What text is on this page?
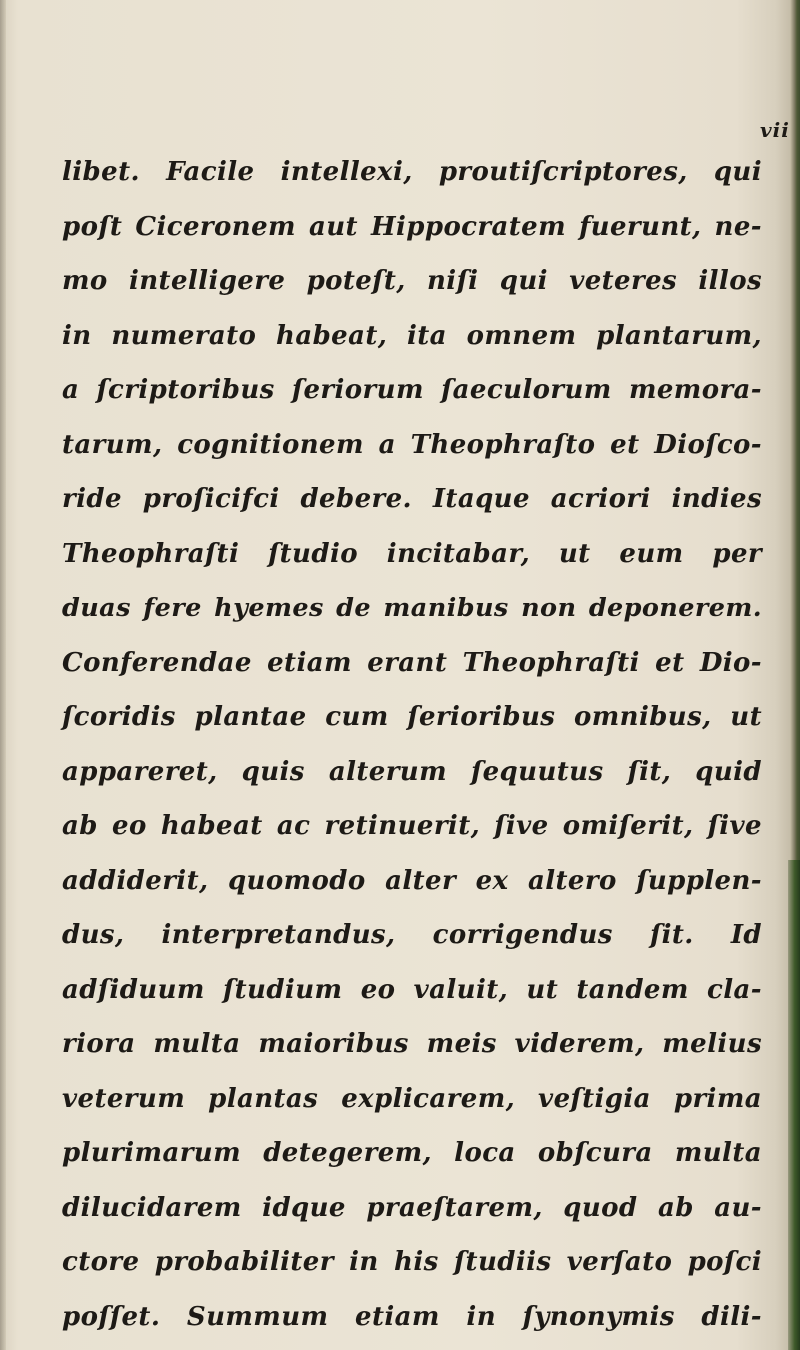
vii
libet. Facile intellexi, proutiſcriptores, qui
poſt Ciceronem aut Hippocratem fuerunt, ne-
mo intelligere poteſt, niſi qui veteres illos
in numerato habeat, ita omnem plantarum,
a ſcriptoribus ſeriorum ſaeculorum memora-
tarum, cognitionem a Theophraſto et Dioſco-
ride proſicifci debere. Itaque acriori indies
Theophraſti ſtudio incitabar, ut eum per
duas fere hyemes de manibus non deponerem.
Conferendae etiam erant Theophraſti et Dio-
ſcoridis plantae cum ſerioribus omnibus, ut
appareret, quis alterum ſequutus ſit, quid
ab eo habeat ac retinuerit, ſive omiſerit, ſive
addiderit, quomodo alter ex altero ſupplen-
dus, interpretandus, corrigendus ſit. Id
adſiduum ſtudium eo valuit, ut tandem cla-
riora multa maioribus meis viderem, melius
veterum plantas explicarem, veſtigia prima
plurimarum detegerem, loca obſcura multa
dilucidarem idque praeſtarem, quod ab au-
ctore probabiliter in his ſtudiis verſato poſci
poſſet. Summum etiam in ſynonymis dili-
